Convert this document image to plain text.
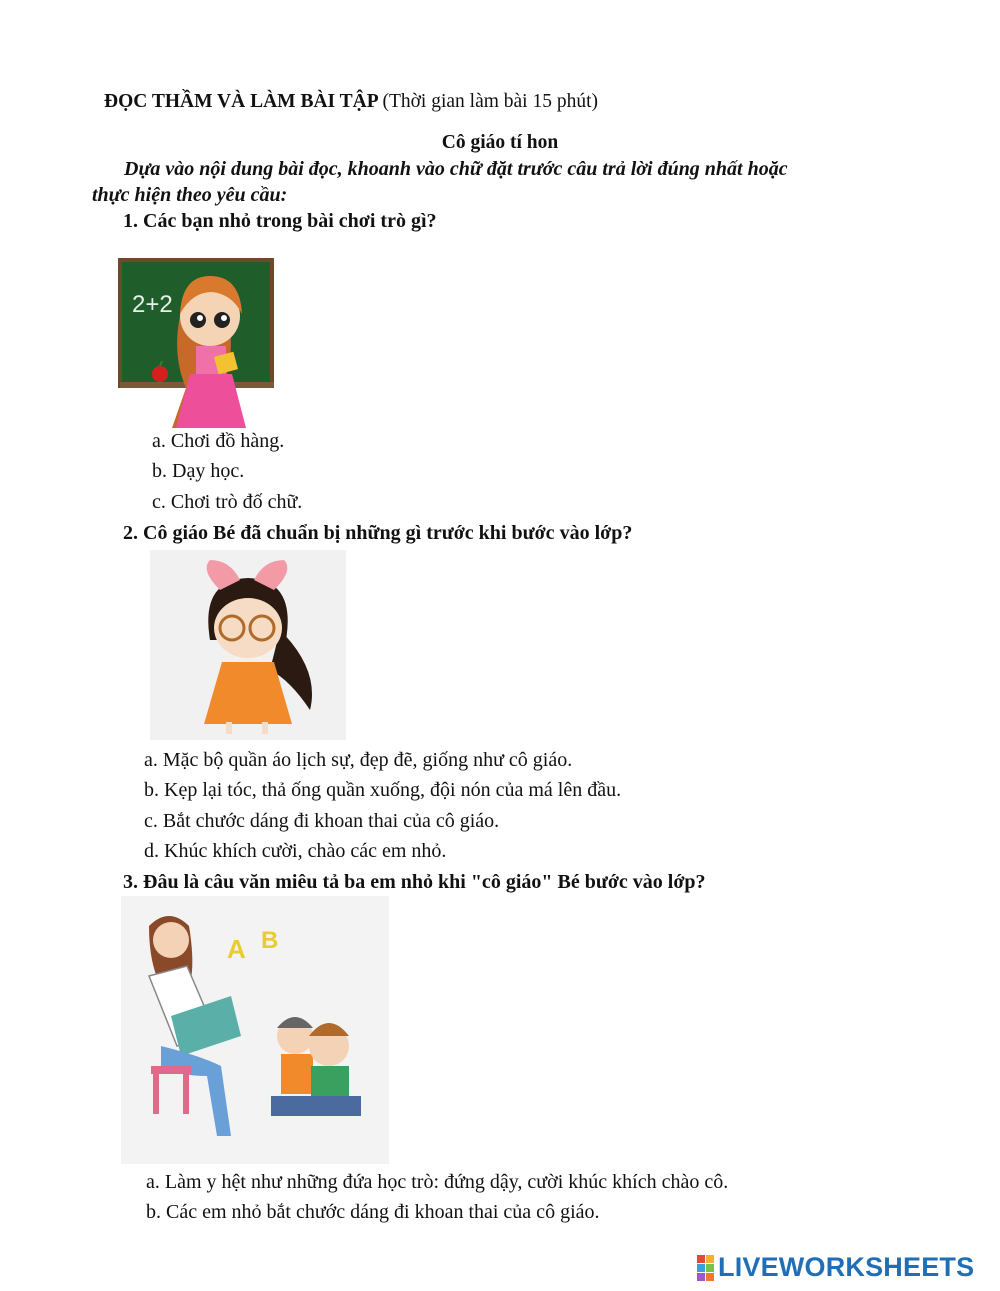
ĐỌC THẦM VÀ LÀM BÀI TẬP (Thời gian làm bài 15 phút)
Cô giáo tí hon
Dựa vào nội dung bài đọc, khoanh vào chữ đặt trước câu trả lời đúng nhất hoặc
thực hiện theo yêu cầu:
1. Các bạn nhỏ trong bài chơi trò gì?
2+2
a. Chơi đồ hàng.
b. Dạy học.
c. Chơi trò đố chữ.
2. Cô giáo Bé đã chuẩn bị những gì trước khi bước vào lớp?
a. Mặc bộ quần áo lịch sự, đẹp đẽ, giống như cô giáo.
b. Kẹp lại tóc, thả ống quần xuống, đội nón của má lên đầu.
c. Bắt chước dáng đi khoan thai của cô giáo.
d. Khúc khích cười, chào các em nhỏ.
3. Đâu là câu văn miêu tả ba em nhỏ khi "cô giáo" Bé bước vào lớp?
A B
a. Làm y hệt như những đứa học trò: đứng dậy, cười khúc khích chào cô.
b. Các em nhỏ bắt chước dáng đi khoan thai của cô giáo.
LIVEWORKSHEETS
